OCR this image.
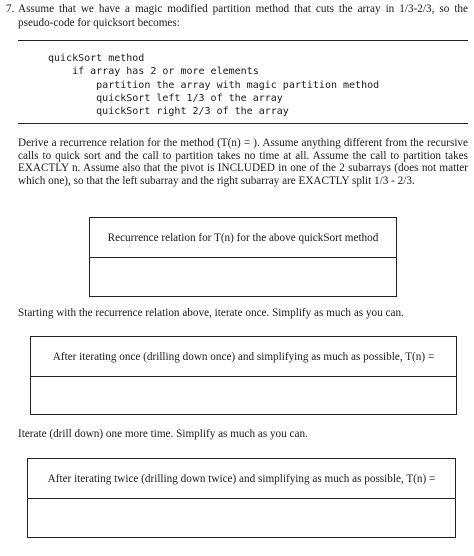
7. Assume that we have a magic modified partition method that cuts the array in 1/3-2/3, so the pseudo-code for quicksort becomes:
quickSort method
if array has 2 or more elements
partition the array with magic partition method
quickSort left 1/3 of the array
quickSort right 2/3 of the array
Derive a recurrence relation for the method (T(n) = ). Assume anything different from the recursive calls to quick sort and the call to partition takes no time at all. Assume the call to partition takes EXACTLY n. Assume also that the pivot is INCLUDED in one of the 2 subarrays (does not matter which one), so that the left subarray and the right subarray are EXACTLY split 1/3 - 2/3.
Recurrence relation for T(n) for the above quickSort method
Starting with the recurrence relation above, iterate once. Simplify as much as you can.
After iterating once (drilling down once) and simplifying as much as possible, T(n) =
Iterate (drill down) one more time. Simplify as much as you can.
After iterating twice (drilling down twice) and simplifying as much as possible, T(n) =
